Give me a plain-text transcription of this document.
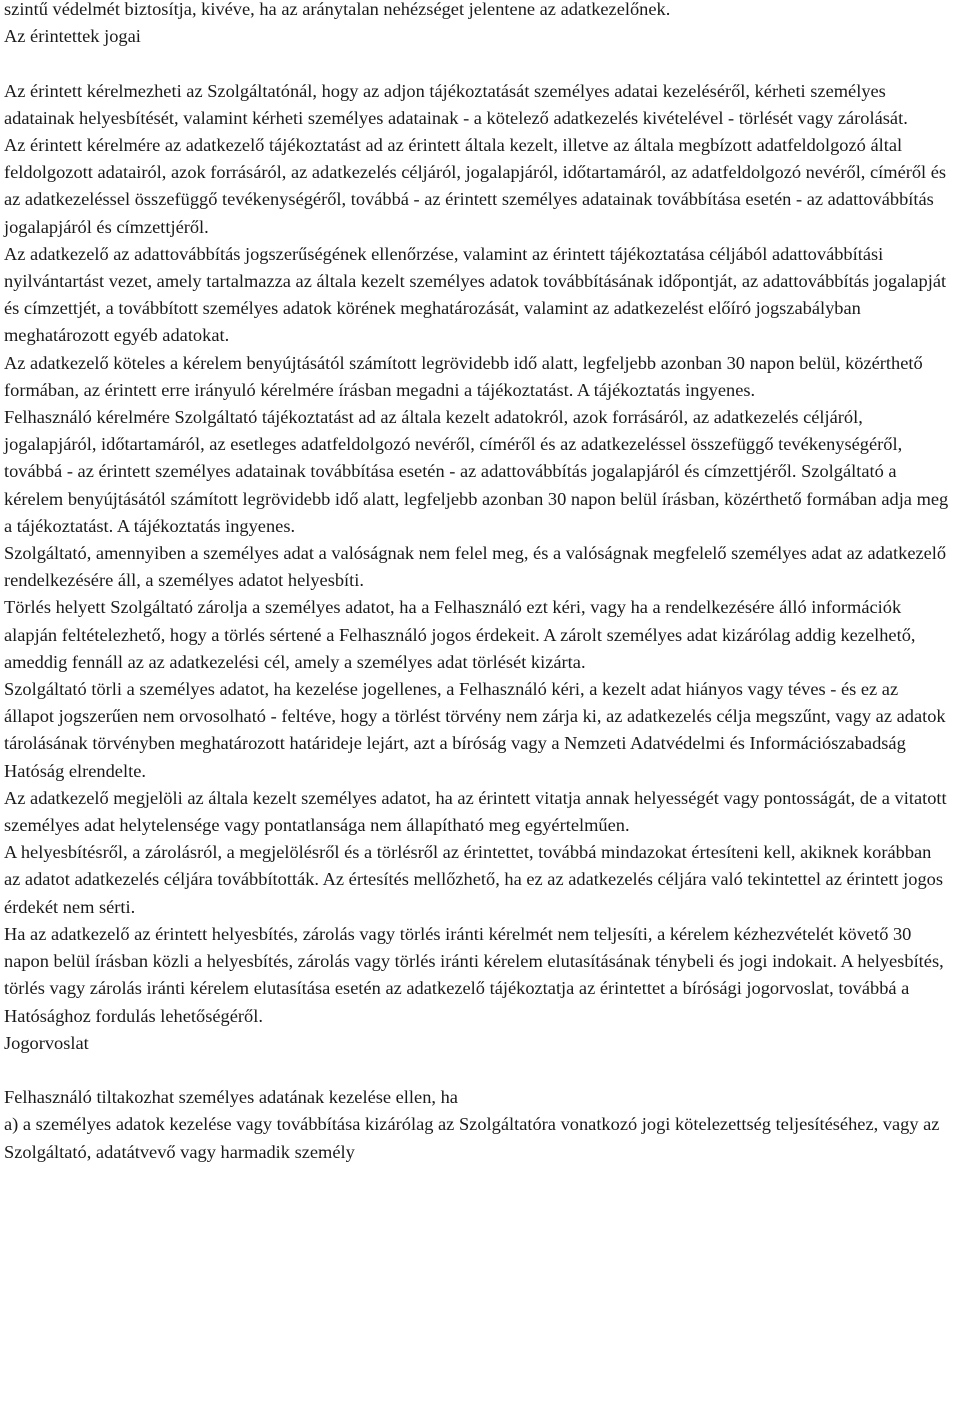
szintű védelmét biztosítja, kivéve, ha az aránytalan nehézséget jelentene az adatkezelőnek.

Az érintettek jogai

Az érintett kérelmezheti az Szolgáltatónál, hogy az adjon tájékoztatását személyes adatai kezeléséről, kérheti személyes adatainak helyesbítését, valamint kérheti személyes adatainak - a kötelező adatkezelés kivételével - törlését vagy zárolását.

Az érintett kérelmére az adatkezelő tájékoztatást ad az érintett általa kezelt, illetve az általa megbízott adatfeldolgozó által feldolgozott adatairól, azok forrásáról, az adatkezelés céljáról, jogalapjáról, időtartamáról, az adatfeldolgozó nevéről, címéről és az adatkezeléssel összefüggő tevékenységéről, továbbá - az érintett személyes adatainak továbbítása esetén - az adattovábbítás jogalapjáról és címzettjéről.

Az adatkezelő az adattovábbítás jogszerűségének ellenőrzése, valamint az érintett tájékoztatása céljából adattovábbítási nyilvántartást vezet, amely tartalmazza az általa kezelt személyes adatok továbbításának időpontját, az adattovábbítás jogalapját és címzettjét, a továbbított személyes adatok körének meghatározását, valamint az adatkezelést előíró jogszabályban meghatározott egyéb adatokat.

Az adatkezelő köteles a kérelem benyújtásától számított legrövidebb idő alatt, legfeljebb azonban 30 napon belül, közérthető formában, az érintett erre irányuló kérelmére írásban megadni a tájékoztatást. A tájékoztatás ingyenes.

Felhasználó kérelmére Szolgáltató tájékoztatást ad az általa kezelt adatokról, azok forrásáról, az adatkezelés céljáról, jogalapjáról, időtartamáról, az esetleges adatfeldolgozó nevéről, címéről és az adatkezeléssel összefüggő tevékenységéről, továbbá - az érintett személyes adatainak továbbítása esetén - az adattovábbítás jogalapjáról és címzettjéről. Szolgáltató a kérelem benyújtásától számított legrövidebb idő alatt, legfeljebb azonban 30 napon belül írásban, közérthető formában adja meg a tájékoztatást. A tájékoztatás ingyenes.

Szolgáltató, amennyiben a személyes adat a valóságnak nem felel meg, és a valóságnak megfelelő személyes adat az adatkezelő rendelkezésére áll, a személyes adatot helyesbíti.

Törlés helyett Szolgáltató zárolja a személyes adatot, ha a Felhasználó ezt kéri, vagy ha a rendelkezésére álló információk alapján feltételezhető, hogy a törlés sértené a Felhasználó jogos érdekeit. A zárolt személyes adat kizárólag addig kezelhető, ameddig fennáll az az adatkezelési cél, amely a személyes adat törlését kizárta.

Szolgáltató törli a személyes adatot, ha kezelése jogellenes, a Felhasználó kéri, a kezelt adat hiányos vagy téves - és ez az állapot jogszerűen nem orvosolható - feltéve, hogy a törlést törvény nem zárja ki, az adatkezelés célja megszűnt, vagy az adatok tárolásának törvényben meghatározott határideje lejárt, azt a bíróság vagy a Nemzeti Adatvédelmi és Információszabadság Hatóság elrendelte.

Az adatkezelő megjelöli az általa kezelt személyes adatot, ha az érintett vitatja annak helyességét vagy pontosságát, de a vitatott személyes adat helytelensége vagy pontatlansága nem állapítható meg egyértelműen.

A helyesbítésről, a zárolásról, a megjelölésről és a törlésről az érintettet, továbbá mindazokat értesíteni kell, akiknek korábban az adatot adatkezelés céljára továbbították. Az értesítés mellőzhető, ha ez az adatkezelés céljára való tekintettel az érintett jogos érdekét nem sérti.

Ha az adatkezelő az érintett helyesbítés, zárolás vagy törlés iránti kérelmét nem teljesíti, a kérelem kézhezvételét követő 30 napon belül írásban közli a helyesbítés, zárolás vagy törlés iránti kérelem elutasításának ténybeli és jogi indokait. A helyesbítés, törlés vagy zárolás iránti kérelem elutasítása esetén az adatkezelő tájékoztatja az érintettet a bírósági jogorvoslat, továbbá a Hatósághoz fordulás lehetőségéről.

Jogorvoslat

Felhasználó tiltakozhat személyes adatának kezelése ellen, ha

a) a személyes adatok kezelése vagy továbbítása kizárólag az Szolgáltatóra vonatkozó jogi kötelezettség teljesítéséhez, vagy az Szolgáltató, adatátvevő vagy harmadik személy
